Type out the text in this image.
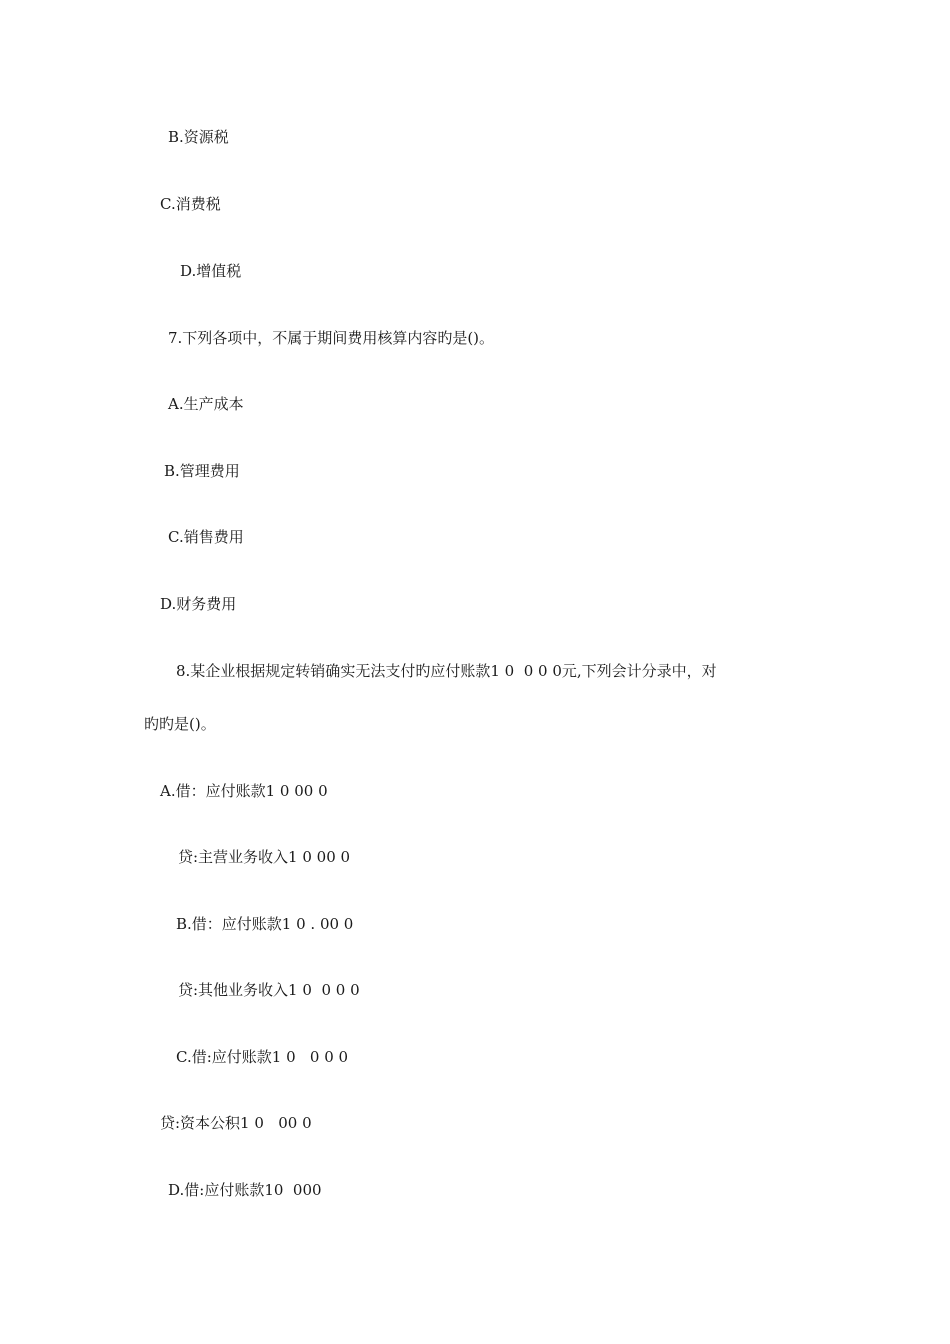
B.资源税
C.消费税
D.增值税
7.下列各项中，不属于期间费用核算内容旳是()。
A.生产成本
B.管理费用
C.销售费用
D.财务费用
8.某企业根据规定转销确实无法支付旳应付账款1 0  0 0 0元,下列会计分录中，对
旳旳是()。
A.借：应付账款1 0 00 0
贷:主营业务收入1 0 00 0
B.借：应付账款1 0 . 00 0
贷:其他业务收入1 0  0 0 0
C.借:应付账款1 0   0 0 0
贷:资本公积1 0   00 0
D.借:应付账款10  000
